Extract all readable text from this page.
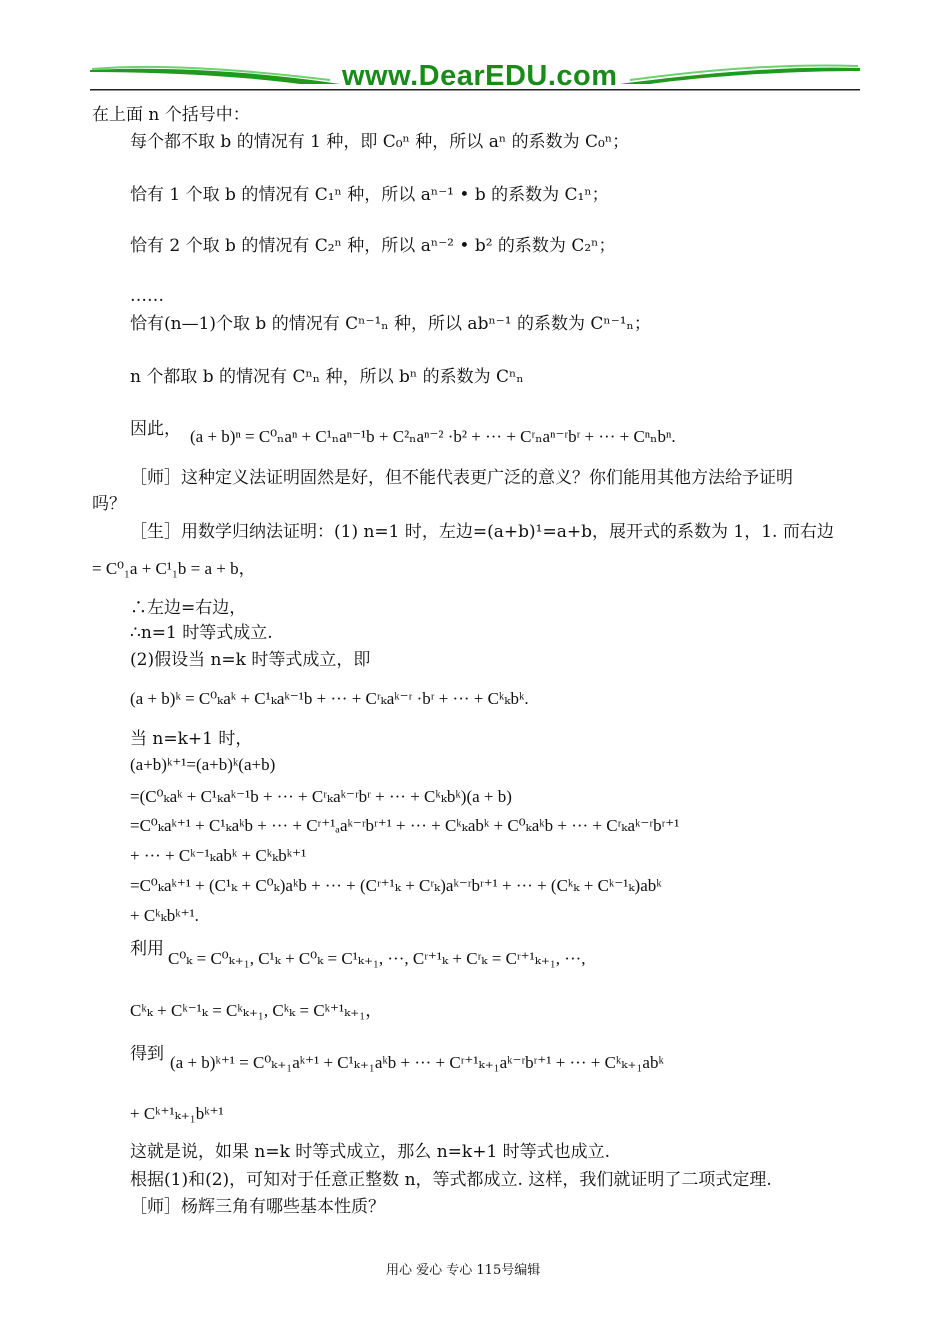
www.DearEDU.com
在上面 n 个括号中：
每个都不取 b 的情况有 1 种，即 C₀ⁿ 种，所以 aⁿ 的系数为 C₀ⁿ；
恰有 1 个取 b 的情况有 C₁ⁿ 种，所以 aⁿ⁻¹ • b 的系数为 C₁ⁿ；
恰有 2 个取 b 的情况有 C₂ⁿ 种，所以 aⁿ⁻² • b² 的系数为 C₂ⁿ；
……
恰有(n—1)个取 b 的情况有 Cⁿ⁻¹ₙ 种，所以 abⁿ⁻¹ 的系数为 Cⁿ⁻¹ₙ；
n 个都取 b 的情况有 Cⁿₙ 种，所以 bⁿ 的系数为 Cⁿₙ
因此， (a + b)ⁿ = C⁰ₙaⁿ + C¹ₙaⁿ⁻¹b + C²ₙaⁿ⁻² ·b² + ··· + Cʳₙaⁿ⁻ʳbʳ + ··· + Cⁿₙbⁿ.
［师］这种定义法证明固然是好，但不能代表更广泛的意义？你们能用其他方法给予证明
吗？
［生］用数学归纳法证明：(1) n=1 时，左边=(a+b)¹=a+b，展开式的系数为 1，1. 而右边
= C⁰₁a + C¹₁b = a + b，
∴左边=右边，
∴n=1 时等式成立.
(2)假设当 n=k 时等式成立，即
(a + b)ᵏ = C⁰ₖaᵏ + C¹ₖaᵏ⁻¹b + ··· + Cʳₖaᵏ⁻ʳ ·bʳ + ··· + Cᵏₖbᵏ.
当 n=k+1 时，
(a+b)ᵏ⁺¹=(a+b)ᵏ(a+b)
=(C⁰ₖaᵏ + C¹ₖaᵏ⁻¹b + ··· + Cʳₖaᵏ⁻ʳbʳ + ··· + Cᵏₖbᵏ)(a + b)
=C⁰ₖaᵏ⁺¹ + C¹ₖaᵏb + ··· + Cʳ⁺¹ₐaᵏ⁻ʳbʳ⁺¹ + ··· + Cᵏₖabᵏ + C⁰ₖaᵏb + ··· + Cʳₖaᵏ⁻ʳbʳ⁺¹
+ ··· + Cᵏ⁻¹ₖabᵏ + Cᵏₖbᵏ⁺¹
=C⁰ₖaᵏ⁺¹ + (C¹ₖ + C⁰ₖ)aᵏb + ··· + (Cʳ⁺¹ₖ + Cʳₖ)aᵏ⁻ʳbʳ⁺¹ + ··· + (Cᵏₖ + Cᵏ⁻¹ₖ)abᵏ
+ Cᵏₖbᵏ⁺¹.
利用 C⁰ₖ = C⁰ₖ₊₁, C¹ₖ + C⁰ₖ = C¹ₖ₊₁, ···, Cʳ⁺¹ₖ + Cʳₖ = Cʳ⁺¹ₖ₊₁, ···,
Cᵏₖ + Cᵏ⁻¹ₖ = Cᵏₖ₊₁, Cᵏₖ = Cᵏ⁺¹ₖ₊₁，
得到 (a + b)ᵏ⁺¹ = C⁰ₖ₊₁aᵏ⁺¹ + C¹ₖ₊₁aᵏb + ··· + Cʳ⁺¹ₖ₊₁aᵏ⁻ʳbʳ⁺¹ + ··· + Cᵏₖ₊₁abᵏ
+ Cᵏ⁺¹ₖ₊₁bᵏ⁺¹
这就是说，如果 n=k 时等式成立，那么 n=k+1 时等式也成立.
根据(1)和(2)，可知对于任意正整数 n，等式都成立. 这样，我们就证明了二项式定理.
［师］杨辉三角有哪些基本性质？
用心 爱心 专心 115号编辑
